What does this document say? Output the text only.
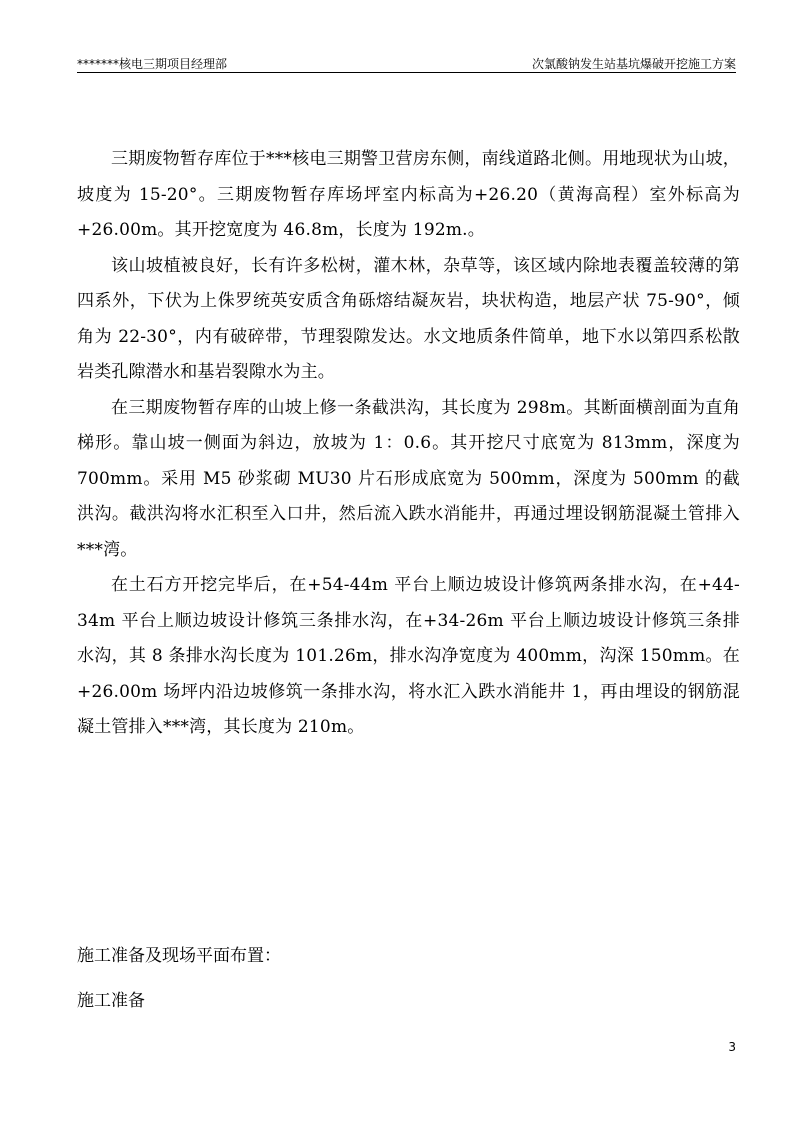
*******核电三期项目经理部	次氯酸钠发生站基坑爆破开挖施工方案

三期废物暂存库位于***核电三期警卫营房东侧，南线道路北侧。用地现状为山坡，坡度为 15-20°。三期废物暂存库场坪室内标高为+26.20（黄海高程）室外标高为+26.00m。其开挖宽度为 46.8m，长度为 192m.。

该山坡植被良好，长有许多松树，灌木林，杂草等，该区域内除地表覆盖较薄的第四系外，下伏为上侏罗统英安质含角砾熔结凝灰岩，块状构造，地层产状 75-90°，倾角为 22-30°，内有破碎带，节理裂隙发达。水文地质条件简单，地下水以第四系松散岩类孔隙潜水和基岩裂隙水为主。

在三期废物暂存库的山坡上修一条截洪沟，其长度为 298m。其断面横剖面为直角梯形。靠山坡一侧面为斜边，放坡为 1：0.6。其开挖尺寸底宽为 813mm，深度为 700mm。采用 M5 砂浆砌 MU30 片石形成底宽为 500mm，深度为 500mm 的截洪沟。截洪沟将水汇积至入口井，然后流入跌水消能井，再通过埋设钢筋混凝土管排入***湾。

在土石方开挖完毕后，在+54-44m 平台上顺边坡设计修筑两条排水沟，在+44-34m 平台上顺边坡设计修筑三条排水沟，在+34-26m 平台上顺边坡设计修筑三条排水沟，其 8 条排水沟长度为 101.26m，排水沟净宽度为 400mm，沟深 150mm。在+26.00m 场坪内沿边坡修筑一条排水沟，将水汇入跌水消能井 1，再由埋设的钢筋混凝土管排入***湾，其长度为 210m。

施工准备及现场平面布置：

施工准备

3
